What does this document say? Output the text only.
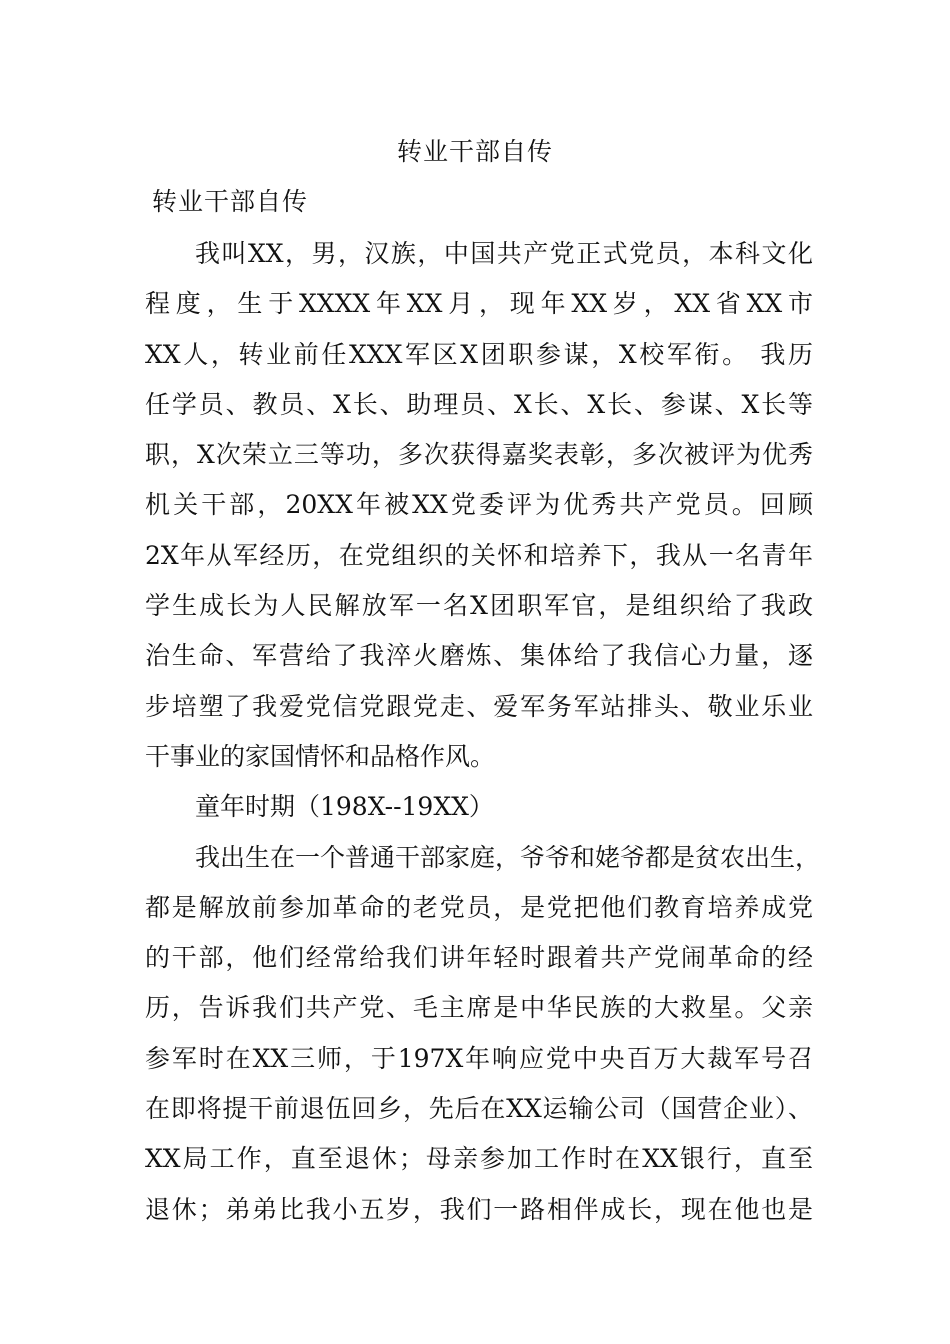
转业干部自传
转业干部自传
我叫XX，男，汉族，中国共产党正式党员，本科文化
程度，生于XXXX年XX月，现年XX岁，XX省XX市
XX人，转业前任XXX军区X团职参谋，X校军衔。 我历
任学员、教员、X长、助理员、X长、X长、参谋、X长等
职，X次荣立三等功，多次获得嘉奖表彰，多次被评为优秀
机关干部，20XX年被XX党委评为优秀共产党员。回顾
2X年从军经历，在党组织的关怀和培养下，我从一名青年
学生成长为人民解放军一名X团职军官，是组织给了我政
治生命、军营给了我淬火磨炼、集体给了我信心力量，逐
步培塑了我爱党信党跟党走、爱军务军站排头、敬业乐业
干事业的家国情怀和品格作风。
童年时期（198X--19XX）
我出生在一个普通干部家庭，爷爷和姥爷都是贫农出生，
都是解放前参加革命的老党员，是党把他们教育培养成党
的干部，他们经常给我们讲年轻时跟着共产党闹革命的经
历，告诉我们共产党、毛主席是中华民族的大救星。父亲
参军时在XX三师，于197X年响应党中央百万大裁军号召
在即将提干前退伍回乡，先后在XX运输公司（国营企业）、
XX局工作，直至退休；母亲参加工作时在XX银行，直至
退休；弟弟比我小五岁，我们一路相伴成长，现在他也是
